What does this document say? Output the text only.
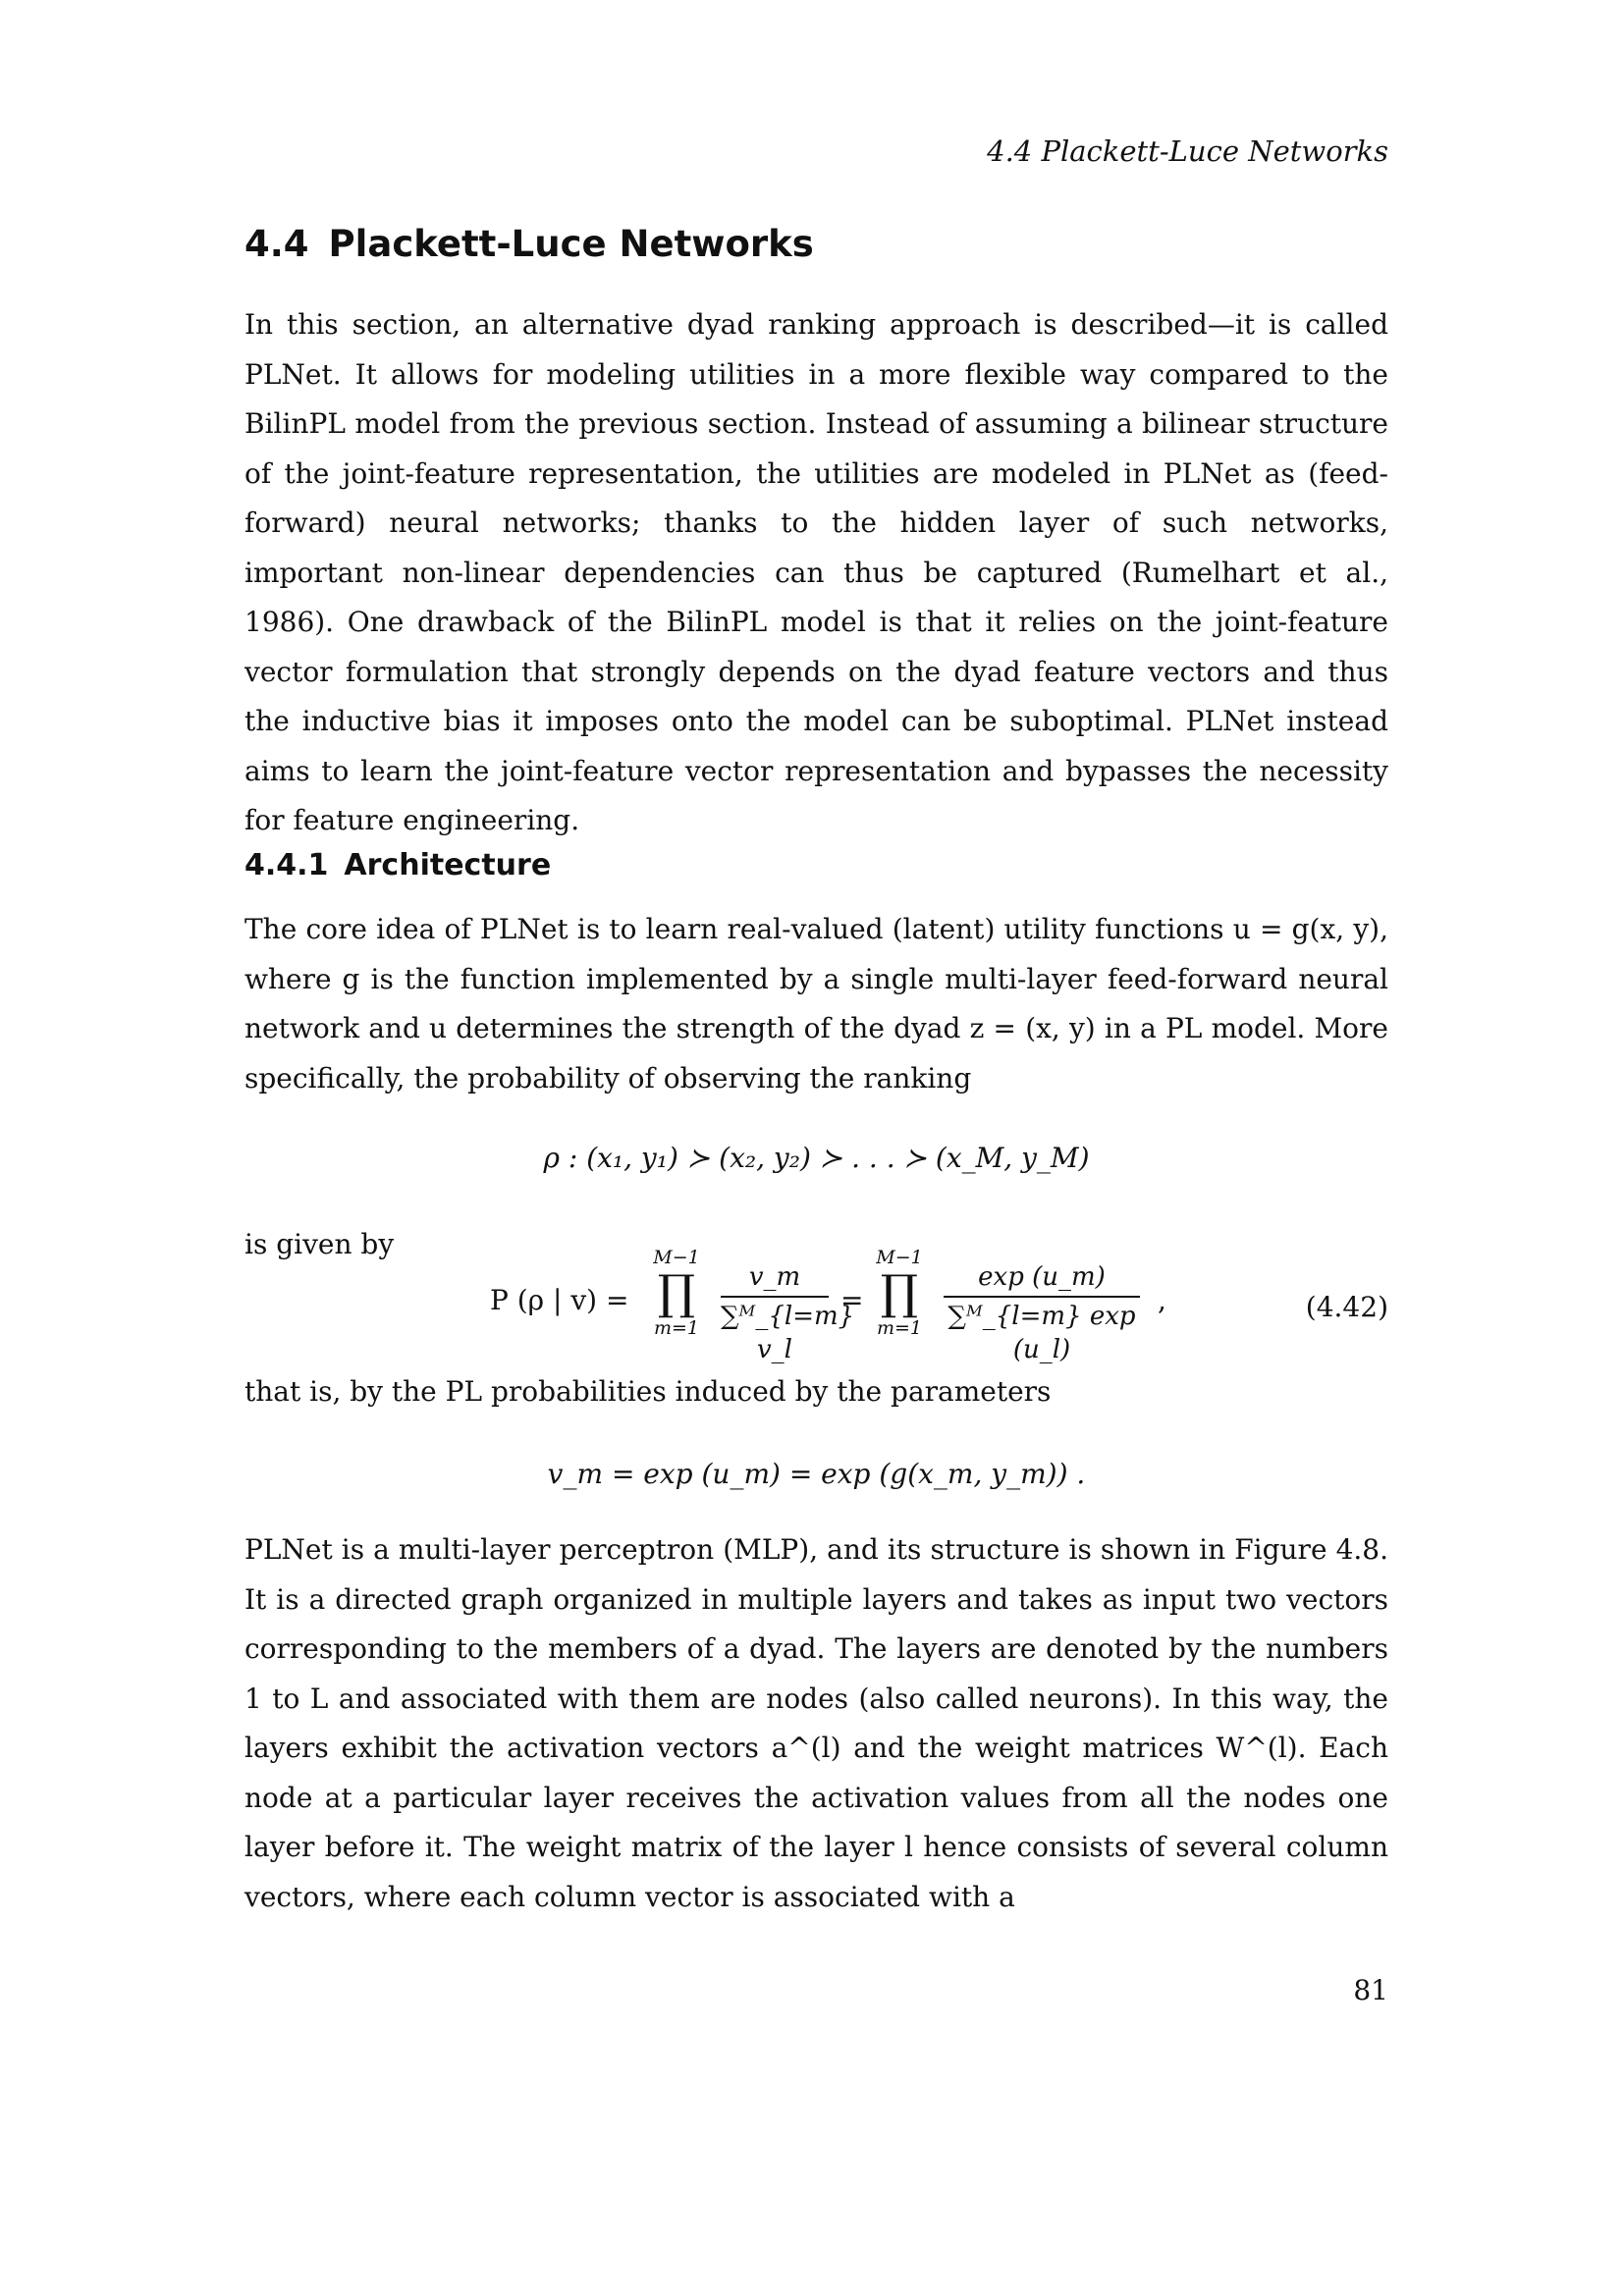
4.4 Plackett-Luce Networks
4.4 Plackett-Luce Networks

In this section, an alternative dyad ranking approach is described—it is called PLNet. It allows for modeling utilities in a more flexible way compared to the BilinPL model from the previous section. Instead of assuming a bilinear structure of the joint-feature representation, the utilities are modeled in PLNet as (feed-forward) neural networks; thanks to the hidden layer of such networks, important non-linear dependencies can thus be captured (Rumelhart et al., 1986). One drawback of the BilinPL model is that it relies on the joint-feature vector formulation that strongly depends on the dyad feature vectors and thus the inductive bias it imposes onto the model can be suboptimal. PLNet instead aims to learn the joint-feature vector representation and bypasses the necessity for feature engineering.

4.4.1 Architecture

The core idea of PLNet is to learn real-valued (latent) utility functions u = g(x, y), where g is the function implemented by a single multi-layer feed-forward neural network and u determines the strength of the dyad z = (x, y) in a PL model. More specifically, the probability of observing the ranking

ρ : (x₁, y₁) ≻ (x₂, y₂) ≻ . . . ≻ (x_M, y_M)
is given by
P (ρ | v) =
M−1
∏
m=1
v_m
∑ᴹ_{l=m} v_l
=
M−1
∏
m=1
exp (u_m)
∑ᴹ_{l=m} exp (u_l)
,	(4.42)
that is, by the PL probabilities induced by the parameters
v_m = exp (u_m) = exp (g(x_m, y_m)) .

PLNet is a multi-layer perceptron (MLP), and its structure is shown in Figure 4.8. It is a directed graph organized in multiple layers and takes as input two vectors corresponding to the members of a dyad. The layers are denoted by the numbers 1 to L and associated with them are nodes (also called neurons). In this way, the layers exhibit the activation vectors a^(l) and the weight matrices W^(l). Each node at a particular layer receives the activation values from all the nodes one layer before it. The weight matrix of the layer l hence consists of several column vectors, where each column vector is associated with a

81
